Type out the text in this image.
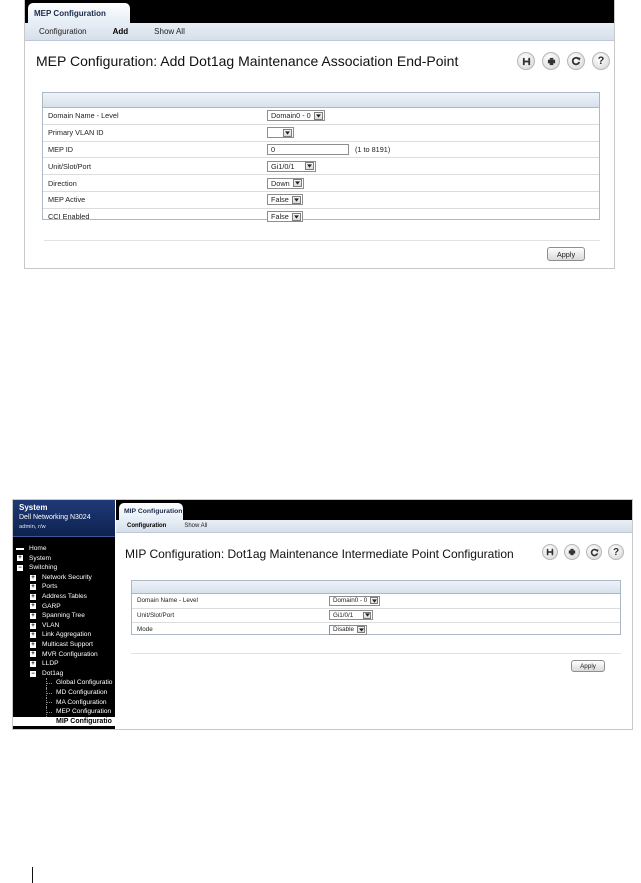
MEP Configuration
Configuration	Add	Show All
MEP Configuration: Add Dot1ag Maintenance Association End-Point	?
Domain Name - Level	Domain0 - 0

Primary VLAN ID	

MEP ID	0 (1 to 8191)
Unit/Slot/Port	Gi1/0/1

Direction	Down

MEP Active	False

CCI Enabled	False
Apply
System
Dell Networking N3024
admin, r/w
Home
+ System
− Switching
+ Network Security
+ Ports
+ Address Tables
+ GARP
+ Spanning Tree
+ VLAN
+ Link Aggregation
+ Multicast Support
+ MVR Configuration
+ LLDP
− Dot1ag
Global Configuratio
MD Configuration
MA Configuration
MEP Configuration
MIP Configuratio
MIP Configuration
Configuration	Show All
MIP Configuration: Dot1ag Maintenance Intermediate Point Configuration	?
Domain Name - Level	Domain0 - 0

Unit/Slot/Port	Gi1/0/1

Mode	Disable
Apply
